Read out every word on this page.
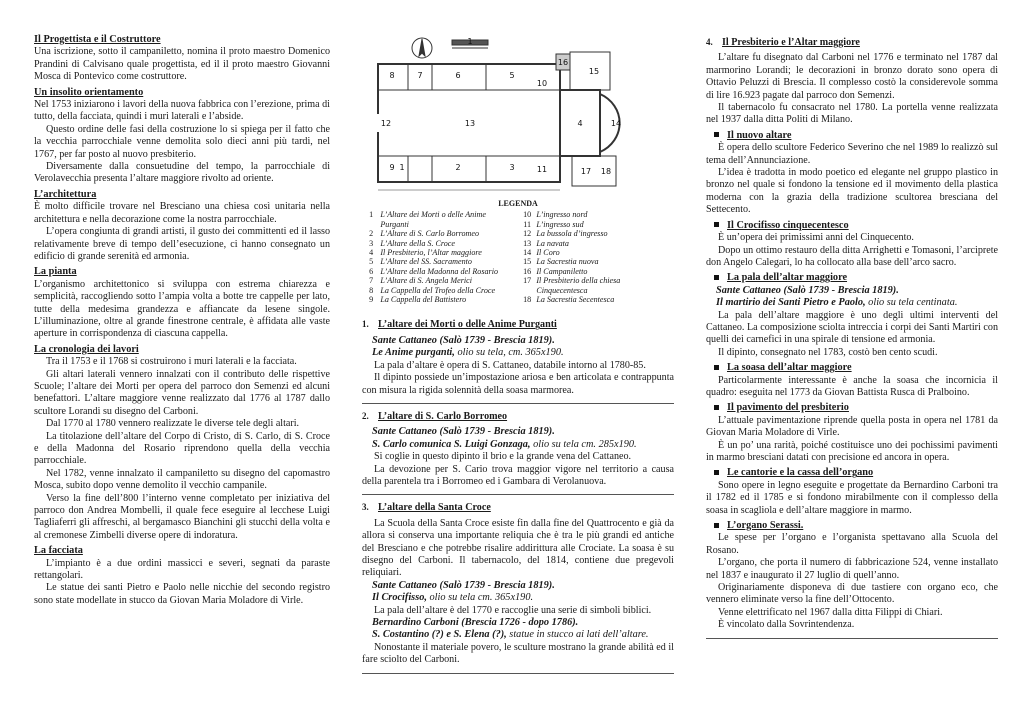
Il Progettista e il Costruttore
Una iscrizione, sotto il campaniletto, nomina il proto maestro Domenico Prandini di Calvisano quale progettista, ed il il proto maestro Giovanni Mosca di Pontevico come costruttore.
Un insolito orientamento
Nel 1753 iniziarono i lavori della nuova fabbrica con l’erezione, prima di tutto, della facciata, quindi i muri laterali e l’abside.
Questo ordine delle fasi della costruzione lo si spiega per il fatto che la vecchia parrocchiale venne demolita solo dieci anni più tardi, nel 1767, per far posto al nuovo presbiterio.
Diversamente dalla consuetudine del tempo, la parrocchiale di Verolavecchia presenta l’altare maggiore rivolto ad oriente.
L’architettura
È molto difficile trovare nel Bresciano una chiesa così unitaria nella architettura e nella decorazione come la nostra parrocchiale.
L’opera congiunta di grandi artisti, il gusto dei committenti ed il lasso relativamente breve di tempo dell’esecuzione, ci hanno consegnato un edificio di grande serenità ed armonia.
La pianta
L’organismo architettonico si sviluppa con estrema chiarezza e semplicità, raccogliendo sotto l’ampia volta a botte tre cappelle per lato, tutte della medesima grandezza e affiancate da lesene singole. L’illuminazione, oltre al grande finestrone centrale, è affidata alle vaste aperture in corrispondenza di ciascuna cappella.
La cronologia dei lavori
Tra il 1753 e il 1768 si costruirono i muri laterali e la facciata.
Gli altari laterali vennero innalzati con il contributo delle rispettive Scuole; l’altare dei Morti per opera del parroco don Semenzi ed alcuni benefattori. L’altare maggiore venne realizzato dal 1776 al 1787 dallo scultore Lorandi su disegno del Carboni.
Dal 1770 al 1780 vennero realizzate le diverse tele degli altari.
La titolazione dell’altare del Corpo di Cristo, di S. Carlo, di S. Croce e della Madonna del Rosario riprendono quella della vecchia parrocchiale.
Nel 1782, venne innalzato il campaniletto su disegno del capomastro Mosca, subito dopo venne demolito il vecchio campanile.
Verso la fine dell’800 l’interno venne completato per iniziativa del parroco don Andrea Mombelli, il quale fece eseguire al lecchese Luigi Tagliaferri gli affreschi, al bergamasco Bianchini gli stucchi della volta e al cremonese Zimbelli diverse opere di indoratura.
La facciata
L’impianto è a due ordini massicci e severi, segnati da paraste rettangolari.
Le statue dei santi Pietro e Paolo nelle nicchie del secondo registro sono state modellate in stucco da Giovan Maria Moladore di Virle.
1
1	2	3
4
5
6
7
8
9
10
11
12	13	14
15
16
17 18
LEGENDA
1	L’Altare dei Morti o delle Anime	10	L’ingresso nord
	Purganti	11	L’ingresso sud
2	L’Altare di S. Carlo Borromeo	12	La bussola d’ingresso
3	L’Altare della S. Croce	13	La navata
4	Il Presbiterio, l’Altar maggiore	14	Il Coro
5	L’Altare del SS. Sacramento	15	La Sacrestia nuova
6	L’Altare della Madonna del Rosario	16	Il Campaniletto
7	L’Altare di S. Angela Merici	17	Il Presbiterio della chiesa
8	La Cappella del Trofeo della Croce		Cinquecentesca
9	La Cappella del Battistero	18	La Sacrestia Secentesca
1. L’altare dei Morti o delle Anime Purganti
Sante Cattaneo (Salò 1739 - Brescia 1819).
Le Anime purganti, olio su tela, cm. 365x190.
La pala d’altare è opera di S. Cattaneo, databile intorno al 1780-85.
Il dipinto possiede un’impostazione ariosa e ben articolata e contrappunta con misura la rigida solennità della soasa marmorea.
2. L’altare di S. Carlo Borromeo
Sante Cattaneo (Salò 1739 - Brescia 1819).
S. Carlo comunica S. Luigi Gonzaga, olio su tela cm. 285x190.
Si coglie in questo dipinto il brio e la grande vena del Cattaneo.
La devozione per S. Cario trova maggior vigore nel territorio a causa della parentela tra i Borromeo ed i Gambara di Verolanuova.
3. L’altare della Santa Croce
La Scuola della Santa Croce esiste fin dalla fine del Quattrocento e già da allora si conserva una importante reliquia che è tra le più grandi ed antiche del Bresciano e che potrebbe risalire addirittura alle Crociate. La soasa è su disegno del Carboni. Il tabernacolo, del 1814, contiene due pregevoli reliquiari.
Sante Cattaneo (Salò 1739 - Brescia 1819).
Il Crocifisso, olio su tela cm. 365x190.
La pala dell’altare è del 1770 e raccoglie una serie di simboli biblici.
Bernardino Carboni (Brescia 1726 - dopo 1786).
S. Costantino (?) e S. Elena (?), statue in stucco ai lati dell’altare.
Nonostante il materiale povero, le sculture mostrano la grande abilità ed il fare scioltо del Carboni.
4. Il Presbiterio e l’Altar maggiore
L’altare fu disegnato dal Carboni nel 1776 e terminato nel 1787 dal marmorino Lorandi; le decorazioni in bronzo dorato sono opera di Ottavio Peluzzi di Brescia. Il complesso costò la considerevole somma di lire 16.923 pagate dal parroco don Semenzi.
Il tabernacolo fu consacrato nel 1780. La portella venne realizzata nel 1937 dalla ditta Politi di Milano.
Il nuovo altare
È opera dello scultore Federico Severino che nel 1989 lo realizzò sul tema dell’Annunciazione.
L’idea è tradotta in modo poetico ed elegante nel gruppo plastico in bronzo nel quale si fondono la tensione ed il movimento della plastica moderna con la grazia della tradizione scultorea bresciana del Settecento.
Il Crocifisso cinquecentesco
È un’opera dei primissimi anni del Cinquecento.
Dopo un ottimo restauro della ditta Arrighetti e Tomasoni, l’arciprete don Angelo Calegari, lo ha collocato alla base dell’arco sacro.
La pala dell’altar maggiore
Sante Cattaneo (Salò 1739 - Brescia 1819).
Il martirio dei Santi Pietro e Paolo, olio su tela centinata.
La pala dell’altare maggiore è uno degli ultimi interventi del Cattaneo. La composizione sciolta intreccia i corpi dei Santi Martiri con quelli dei carnefici in una spirale di tensione ed armonia.
Il dipinto, consegnato nel 1783, costò ben cento scudi.
La soasa dell’altar maggiore
Particolarmente interessante è anche la soasa che incornicia il quadro: eseguita nel 1773 da Giovan Battista Rusca di Pralboino.
Il pavimento del presbiterio
L’attuale pavimentazione riprende quella posta in opera nel 1781 da Giovan Maria Moladore di Virle.
È un po’ una rarità, poiché costituisce uno dei pochissimi pavimenti in marmo bresciani datati con precisione ed ancora in opera.
Le cantorie e la cassa dell’organo
Sono opere in legno eseguite e progettate da Bernardino Carboni tra il 1782 ed il 1785 e si fondono mirabilmente con il complesso della soasa in scagliola e dell’altare maggiore in marmo.
L’organo Serassi.
Le spese per l’organo e l’organista spettavano alla Scuola del Rosano.
L’organo, che porta il numero di fabbricazione 524, venne installato nel 1837 e inaugurato il 27 luglio di quell’anno.
Originariamente disponeva di due tastiere con organo eco, che vennero eliminate verso la fine dell’Ottocento.
Venne elettrificato nel 1967 dalla ditta Filippi di Chiari.
È vincolato dalla Sovrintendenza.
